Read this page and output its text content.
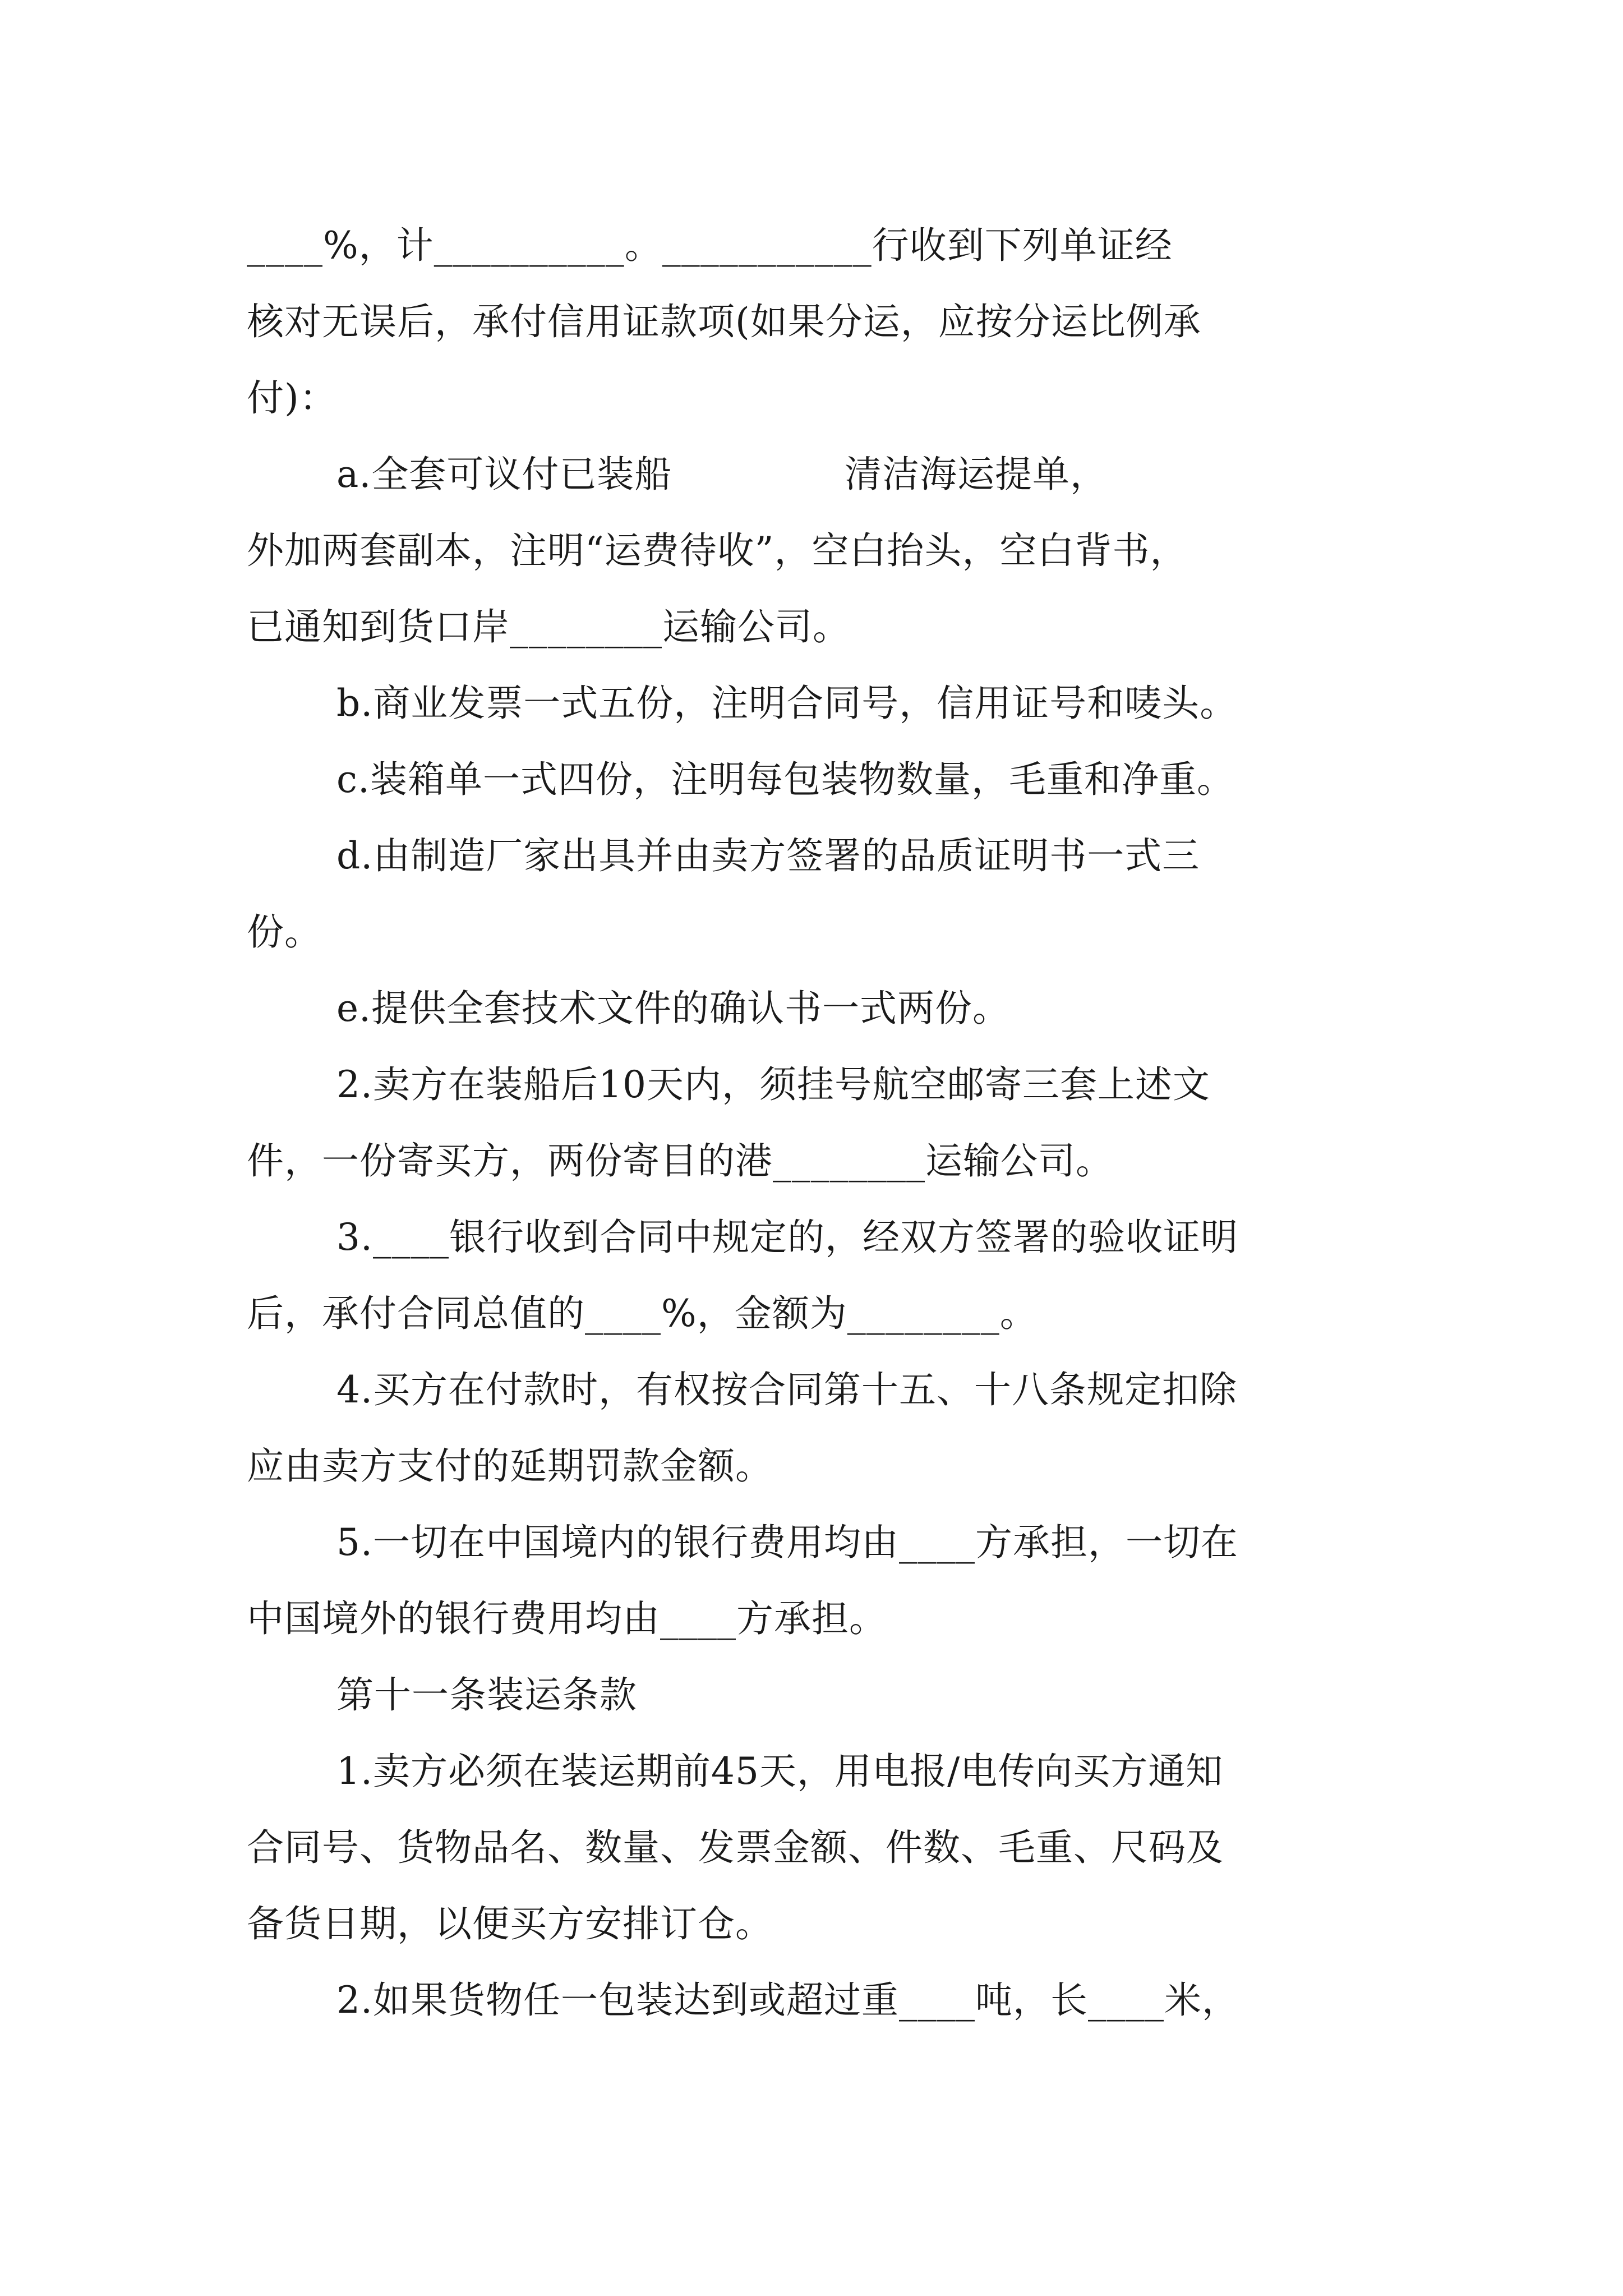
____%，计__________。___________行收到下列单证经
核对无误后，承付信用证款项(如果分运，应按分运比例承
付)：
a.全套可议付已装船              清洁海运提单，
外加两套副本，注明“运费待收”，空白抬头，空白背书，
已通知到货口岸________运输公司。
b.商业发票一式五份，注明合同号，信用证号和唛头。
c.装箱单一式四份，注明每包装物数量，毛重和净重。
d.由制造厂家出具并由卖方签署的品质证明书一式三
份。
e.提供全套技术文件的确认书一式两份。
2.卖方在装船后10天内，须挂号航空邮寄三套上述文
件，一份寄买方，两份寄目的港________运输公司。
3.____银行收到合同中规定的，经双方签署的验收证明
后，承付合同总值的____%，金额为________。
4.买方在付款时，有权按合同第十五、十八条规定扣除
应由卖方支付的延期罚款金额。
5.一切在中国境内的银行费用均由____方承担，一切在
中国境外的银行费用均由____方承担。
第十一条装运条款
1.卖方必须在装运期前45天，用电报/电传向买方通知
合同号、货物品名、数量、发票金额、件数、毛重、尺码及
备货日期，以便买方安排订仓。
2.如果货物任一包装达到或超过重____吨，长____米，
